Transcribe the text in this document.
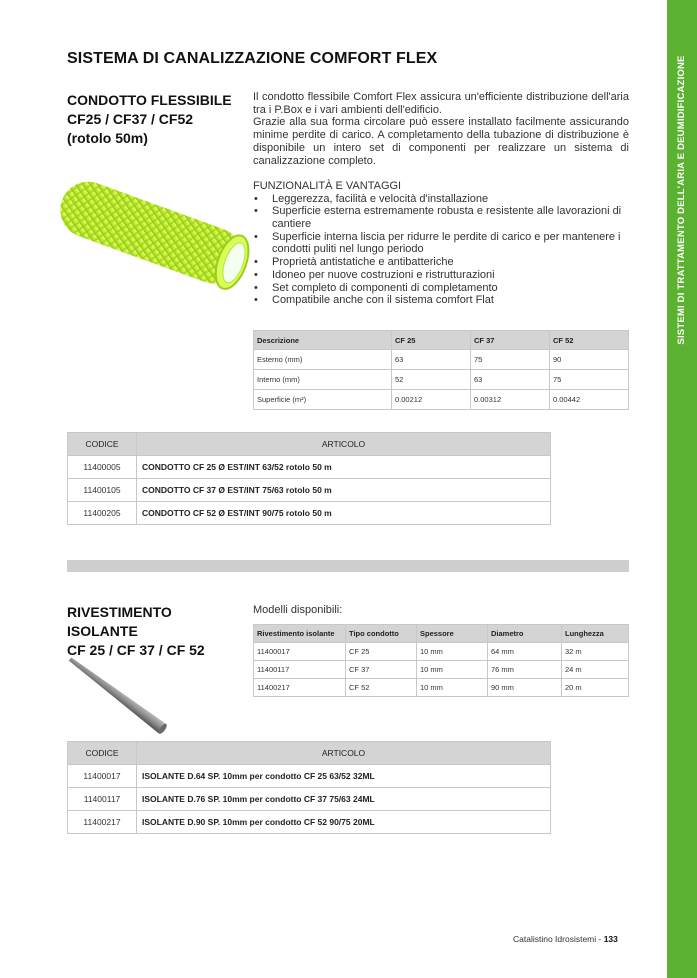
SISTEMI DI TRATTAMENTO DELL'ARIA E DEUMIDIFICAZIONE
SISTEMA DI CANALIZZAZIONE COMFORT FLEX
CONDOTTO FLESSIBILE
CF25 / CF37 / CF52
(rotolo 50m)

Il condotto flessibile Comfort Flex assicura un'efficiente distribuzione dell'aria tra i P.Box e i vari ambienti dell'edificio.

Grazie alla sua forma circolare può essere installato facilmente assicurando minime perdite di carico. A completamento della tubazione di distribuzione è disponibile un intero set di componenti per realizzare un sistema di canalizzazione completo.

FUNZIONALITÀ E VANTAGGI

• Leggerezza, facilità e velocità d'installazione
• Superficie esterna estremamente robusta e resistente alle lavorazioni di cantiere
• Superficie interna liscia per ridurre le perdite di carico e per mantenere i condotti puliti nel lungo periodo
• Proprietà antistatiche e antibatteriche
• Idoneo per nuove costruzioni e ristrutturazioni
• Set completo di componenti di completamento
• Compatibile anche con il sistema comfort Flat
Descrizione	CF 25	CF 37	CF 52
Esterno (mm)	63	75	90
Interno (mm)	52	63	75
Superficie (m²)	0.00212	0.00312	0.00442
CODICE	ARTICOLO
11400005	CONDOTTO CF 25 Ø EST/INT 63/52 rotolo 50 m
11400105	CONDOTTO CF 37 Ø EST/INT 75/63 rotolo 50 m
11400205	CONDOTTO CF 52 Ø EST/INT 90/75 rotolo 50 m
RIVESTIMENTO
ISOLANTE
CF 25 / CF 37 / CF 52
Modelli disponibili:
Rivestimento isolante	Tipo condotto	Spessore	Diametro	Lunghezza
11400017	CF 25	10 mm	64 mm	32 m
11400117	CF 37	10 mm	76 mm	24 m
11400217	CF 52	10 mm	90 mm	20 m
CODICE	ARTICOLO
11400017	ISOLANTE D.64 SP. 10mm per condotto CF 25 63/52 32ML
11400117	ISOLANTE D.76 SP. 10mm per condotto CF 37 75/63 24ML
11400217	ISOLANTE D.90 SP. 10mm per condotto CF 52 90/75 20ML
Catalistino Idrosistemi - 133
